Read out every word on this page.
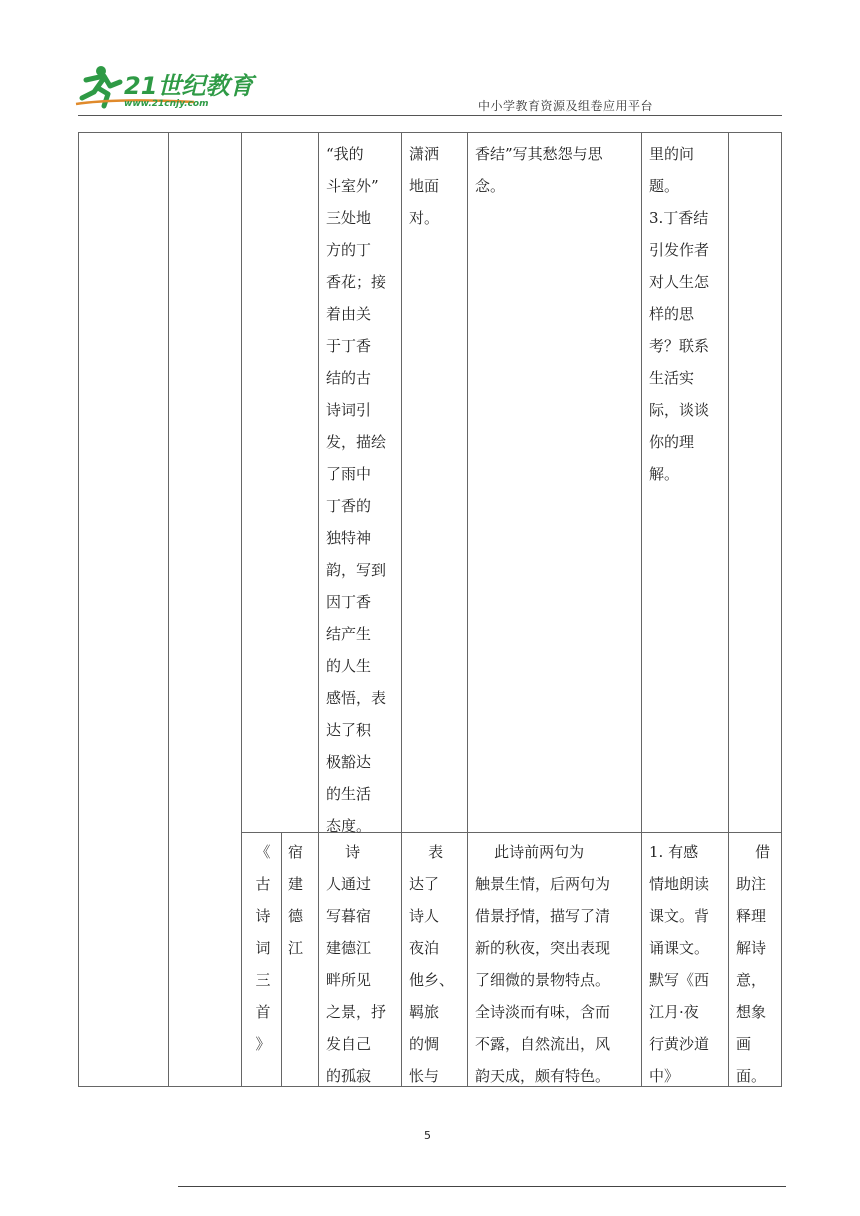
21世纪教育
www.21cnjy.com	中小学教育资源及组卷应用平台
“我的
斗室外”
三处地
方的丁
香花；接
着由关
于丁香
结的古
诗词引
发，描绘
了雨中
丁香的
独特神
韵，写到
因丁香
结产生
的人生
感悟，表
达了积
极豁达
的生活
态度。
潇洒
地面
对。
香结”写其愁怨与思
念。
里的问
题。
3.丁香结
引发作者
对人生怎
样的思
考？联系
生活实
际，谈谈
你的理
解。
《
古
诗
词
三
首
》
宿
建
德
江
诗
人通过
写暮宿
建德江
畔所见
之景，抒
发自己
的孤寂
表
达了
诗人
夜泊
他乡、
羁旅
的惆
怅与
此诗前两句为
触景生情，后两句为
借景抒情，描写了清
新的秋夜，突出表现
了细微的景物特点。
全诗淡而有味，含而
不露，自然流出，风
韵天成，颇有特色。
1. 有感
情地朗读
课文。背
诵课文。
默写《西
江月·夜
行黄沙道
中》
借
助注
释理
解诗
意，
想象
画
面。
5
